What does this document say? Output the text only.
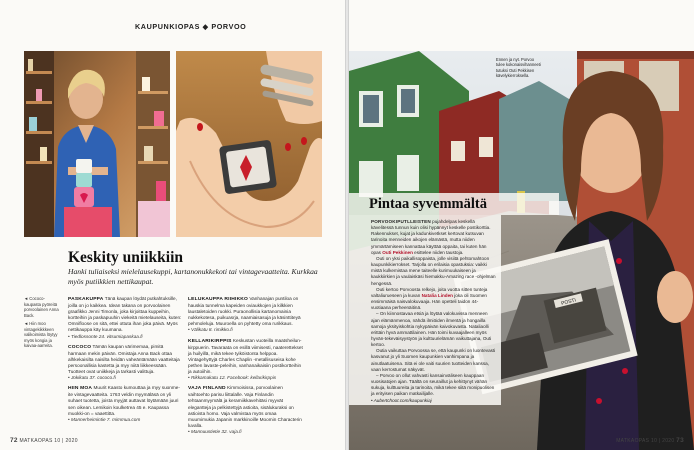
KAUPUNKIOPAS ◆ PORVOO
Keskity uniikkiin
Hanki tuliaiseksi mielelausekuppi, kartanonukkekoti tai vintagevaatteita. Kurkkaa myös putiikkien nettikaupat.
◄ Cococo-kaupasta pyöreitä porvoolainen Anna Back.
◄ Hiin moo vintagekikkkeen valikoimista löytyy myös kongia ja kaivaa-aarreita.
PASKAKUPPA Tänä kaupan löydät putkahtuksille, joilla on jo kaikkea. Idean takana on porvoolainen graafikko Jenni Timonla, joka kirjoittaa kuppeihin, kortteihin ja paskapuuhin viekeitä mietelauseita, kuten: Omnifloose on sitä, ettei ottuta ihan joka päivä. Myös nettikauppa käy kuumana.
• Tiedlossonte 24. vitsumiapaskaa.fi
COCOCO Tämän kaupan värimemaa, pimitä harmaan mekin päivän. Omistaja Anna Back ottaa alhkekaisilta naisilta heidän vaheäntämään vaatteitaja persoonallisia kastetta ja myy niitä liikkeessään. Tuotteet ovat uniikkeja ja tarkasti valittuja.
• Jokikatu 37. cococo.fi
HIIN MOA Muurit Kaasto kumouttaa ja myy suonme-ite vintagevaatteita. 1763 veldin myymäläsä on yli suhaet tuotetta, joista myyjät auttavat löytämään juuri sen oikean. Lemikoin koulketrea 45 e. Kaupassa muokki-on = vaaettitta.
• Mannerheimintie 7. mimmua.com
LELUKAUPPA RIIHIKKO Vanhanajan puntiloa on hauskia tunnelma kapeiden oviaukkojen ja kilkkien laustaletoiden ruokki. Puraonollisia kartanomainia nukkekotesa, puikuasrja, naamiaisasuja ja käsinttiteyä pehmoleluja. Muuroella on pyhtetty oma rurikkaus.
• Välikatu 8. rimikko.fi
KELLARIKIRPPIS Keskustan vuoteilla maatsheilun-kirppuerin. Tavaraata on esillä viimisesti, naaterettekset ja huilyillä, mikä tekee tyiköistonta helppoa. Vintagehyttyjä Charles Chaplin -metallisuseisa kohe pethen lavaste-peleihin, vanhanaikaisiin postikortteihin ja autoiihin.
• Rikkamakatu 12. Facebook: kellarikirppis
VAJA FINLAND Kimmoisissa, porvoolainen vaihtoehto parisu liittalalle. Vaja Finlandin tehtaanmyymälä ja keramiikkavehitäsi myyvät elegantteja ja pelkistettyjä astioita, sisälukuraksi on astioista homo. Vaja valmistaa myös omaa muumimukia Japanin markkinoille Moomin Characterin luvalla.
• Mannuustietie 32. vaja.fi
72 MATKAOPAS 10 | 2020
POSTI
Ennen ja nyt. Porvoo tulee kokonaisvihanneeti tutuksi Outi Pekkisen kävelykierroksella.
Pintaa syvemmältä

PORVOOKIPUTLLEISTEN pujahdelpas keskellä kävelitessä tunnun kuin olisi hypännyt keskelle postikorttia. Rakennukset, kujat ja kadunkivetkset kertovat kutsuvan tarinoita menneiden aikojen elämästä, mutta niiden ymmärtämiseen kannattaa käyttää oppaita, tai kuten hän opas Outi Pekkinen esittelee niiden taustoja.

Outi on yksi paikallisoppaista, jolle visiitä pehtomahtoon kaupunkikierrokset. Tarjolla on erilaisia opastuksia: vaikki mistä kulkemistaa mene taiteelle kurimuukaiseen ja kaukkiirkien ja vaulaiskäsi hiemakku-Amazing race -ohjelman hengessä.

Outi kertoo Porvoosta relkejo, joita vuotta sitten tunteja valtaliurueseen ja kuvan Natalia Linden joka oli Suomen ensimmäisä naisvalokuvaaja. Hän opetteli taidon 44-vuotiaana perheenäitinä.

– On kiinnostavaa etsiä ja löytää valokuvissa menneen ajan elämänmenoa, nähdä ilmiöiden ilmentä ja hongailla samoja yksityiskohtia nykypäivän kaivokuvasta. Nataliaolli erittäin hyvä ammattilainen. Hän toimi kuvaajalleen myös hyvän-tekeväisyystyön ja kulttuurielämän vaikuttajana, Outi kertoo.

Outia vaikuttaa Porvoossa se, että kaupunki on luontevasti kasvanut jo yli Suomen kaupunkien vanhimpana ja ainutlaatuisena. Sitä ei ole vaiti suurien tuotteiden kanssa, vaan kerrostumat näkyvät.

– Porvoo on ollut vahvasti kansainväliseen kauppaan vuosisatojen ajan. Täältä on seuraillut ja kehittynyt vähän sukuja, kulttuureita ja tarinoita, mikä tekee siitä monipuolisen ja erityisen paikan matkailijalle.

• Aubertchoot.com/kaupunkiaj

MATKAOPAS 10 | 2020 73
